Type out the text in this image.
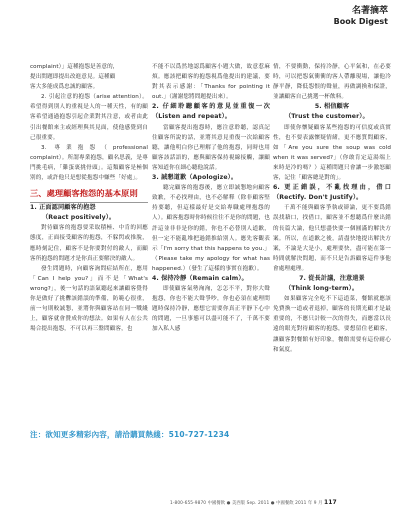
名著摘萃
Book Digest
complaint）」這種抱怨是善意的，
提出問題即提出改進意見。這種顧
客大多能成爲忠誠的顧客。

2. 引起注意的抱怨（arise attention）。希望得到別人的重視是人的一種天性，有的顧客希望通過抱怨引起企業對其注意，或者由此引出餐館來主或經理與其見面，使他感覺到自己很重要。

3. 專業抱怨（professional complaint）。所謂專業抱怨，顧名思義，是專門挑毛病，「雞蛋裏挑骨頭」。這類顧客是極個別的，或許他只是想從抱怨中嫌些「好處」。

三、處理顧客抱怨的基本原則
1. 正面認同顧客的抱怨
（React positively）。

對待顧客的抱怨要采取積極、中肯的回應態度，正面接受顧客的抱怨，不躲閃或推脫，應時刻記住，顧客不是你要對付的敵人，而顧客所抱怨的問題才是你真正要解決的敵人。

發生問題時，向顧客詢問症結所在，應用「Can I help you?」而不是「What's wrong?」，後一句話的語氣聽起來讓顧客覺得你是做好了挑釁該錯誤的準備，防範心很重，前一句則較誠懇，並將你與顧客站在同一戰綫上，顧客就會贊成你的想法。如果有人在公共場合提出抱怨，不可以再三盤問顧客，也

不能不以爲然地認爲顧客小題大做，故意惹麻煩。應該把顧客的抱怨視爲他提出的建議，要對其表示感謝：「Thanks for pointing it out.」（謝謝您將問題提出來）。

2. 仔細聆聽顧客的意見並重復一次（Listen and repeat）。

當顧客提出抱怨時，應注意聆聽，認真記住顧客所說的話，並將其意見重復一次給顧客聽，讓他明白你已理解了他的抱怨，同時也用顧客該話語的，應與顧客保持視線接觸，讓顧客知道你在細心聽他說話。

3. 誠懇道歉（Apologize）。

聽完顧客的抱怨後，應立即誠懇地向顧客致歉，不必找理由，也不必解釋（除非顧客堅持要聽，但這樣最好是交給專職處理抱怨的人）。顧客抱怨時你時候往往不是你的問題，也許這並非非是你的錯，你也不必替別人道歉，但一定不能亂堆把過錯推給別人。應先客觀表示「I'm sorry that this happens to you.」（Please take my apology for what has happened.）（發生了這樣的事實在抱歉）。

4. 保持冷靜（Remain calm）。

即使顧客氣勢洶洶，怎怎不平，對你大聲抱怨，你也不能大聲爭吵，你也必須在處理問題時保持冷靜，應想它需要你真正平靜下心中的問題，一旦事態可以盡可能不了，千萬不要加入私人感

情，不要衝動，保持冷靜，心平氣和，在必要時，可以把怨氣衝衝的客人帶離現場，讓他冷靜平靜，降低怨恨的聲量，再做調換和保證，並讓顧客自己挑選一杯飲料。

5. 相信顧客
（Trust the customer）。

即使你懷疑顧客某些抱怨的可信度或真實性，也不要表露懷疑情緒，更不應質問顧客，如「Are you sure the soup was cold when it was served?」（你敢肯定這湯端上來時是冷的嗎？）這種問題只會讓一步激怒顧客，記住「顧客總是對的」。

6. 更正錯誤，不亂找理由，借口（Rectify. Don't Justify）。

千萬不能與顧客爭執或辯論，更不要爲錯誤找藉口，找借口，顧客並不想聽爲什麼出錯的長篇大論，他只想盡快要一個圓滿的解決方案。所以，在道歉之後，請盡快地提出解決方案，不論是大是小，處理要快，盡可能在第一時間就解決問題，而不只是告訴顧客這件事他會處理處理。

7. 從長計議，注意遠景
（Think long-term）。

如果顧客完全吃不下這道菜，餐館就應該免費換一道或者退掉，顧客的長期光顧才是最重要的，不應只計較一次的得失，而應當以長遠的眼光對待顧客的抱怨，要想留住老顧客，讓顧客對餐館有好印象，餐館需要有這份耐心和氣度。

注：欲知更多精彩內容，請洽購買熱綫：510-727-1234
1-800-655-9870 中國餐飲 ● 美西版 Sep. 2011 ● 中國餐飲 2011 年 9 月 117
